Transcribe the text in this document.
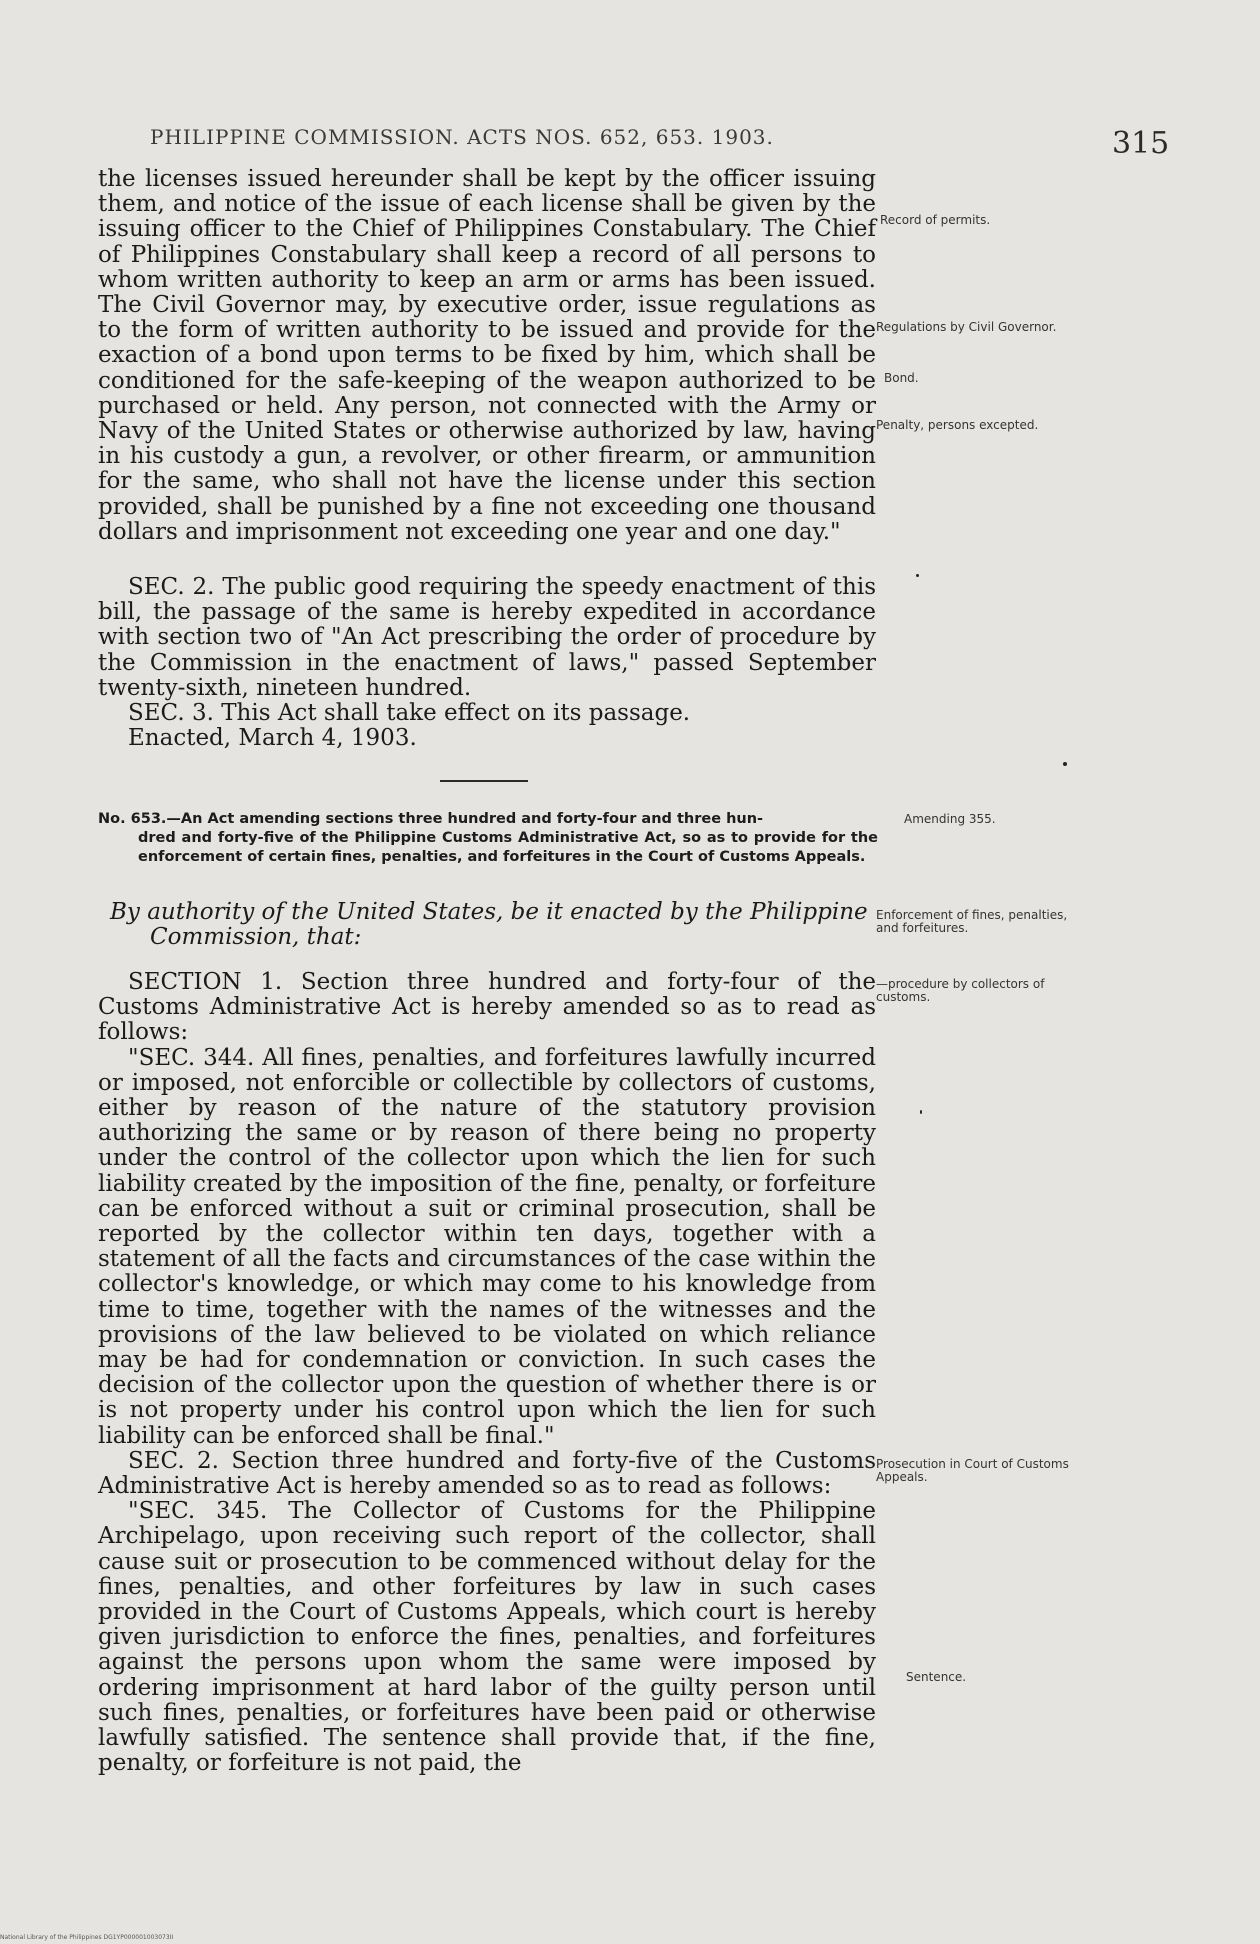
PHILIPPINE COMMISSION. ACTS NOS. 652, 653. 1903.	315

the licenses issued hereunder shall be kept by the officer issuing them, and notice of the issue of each license shall be given by the issuing officer to the Chief of Philippines Constabulary. The Chief of Philippines Constabulary shall keep a record of all persons to whom written authority to keep an arm or arms has been issued. The Civil Governor may, by executive order, issue regulations as to the form of written authority to be issued and provide for the exaction of a bond upon terms to be fixed by him, which shall be conditioned for the safe-keeping of the weapon authorized to be purchased or held. Any person, not connected with the Army or Navy of the United States or otherwise authorized by law, having in his custody a gun, a revolver, or other firearm, or ammunition for the same, who shall not have the license under this section provided, shall be punished by a fine not exceeding one thousand dollars and imprisonment not exceeding one year and one day."

SEC. 2. The public good requiring the speedy enactment of this bill, the passage of the same is hereby expedited in accordance with section two of "An Act prescribing the order of procedure by the Commission in the enactment of laws," passed September twenty-sixth, nineteen hundred.

SEC. 3. This Act shall take effect on its passage.

Enacted, March 4, 1903.

No. 653.—An Act amending sections three hundred and forty-four and three hun-
dred and forty-five of the Philippine Customs Administrative Act, so as to provide for the enforcement of certain fines, penalties, and forfeitures in the Court of Customs Appeals.
By authority of the United States, be it enacted by the Philippine
Commission, that:

SECTION 1. Section three hundred and forty-four of the Customs Administrative Act is hereby amended so as to read as follows:

"SEC. 344. All fines, penalties, and forfeitures lawfully incurred or imposed, not enforcible or collectible by collectors of customs, either by reason of the nature of the statutory provision authorizing the same or by reason of there being no property under the control of the collector upon which the lien for such liability created by the imposition of the fine, penalty, or forfeiture can be enforced without a suit or criminal prosecution, shall be reported by the collector within ten days, together with a statement of all the facts and circumstances of the case within the collector's knowledge, or which may come to his knowledge from time to time, together with the names of the witnesses and the provisions of the law believed to be violated on which reliance may be had for condemnation or conviction. In such cases the decision of the collector upon the question of whether there is or is not property under his control upon which the lien for such liability can be enforced shall be final."

SEC. 2. Section three hundred and forty-five of the Customs Administrative Act is hereby amended so as to read as follows:

"SEC. 345. The Collector of Customs for the Philippine Archipelago, upon receiving such report of the collector, shall cause suit or prosecution to be commenced without delay for the fines, penalties, and other forfeitures by law in such cases provided in the Court of Customs Appeals, which court is hereby given jurisdiction to enforce the fines, penalties, and forfeitures against the persons upon whom the same were imposed by ordering imprisonment at hard labor of the guilty person until such fines, penalties, or forfeitures have been paid or otherwise lawfully satisfied. The sentence shall provide that, if the fine, penalty, or forfeiture is not paid, the

Record of permits.
Regulations by Civil Governor.
Bond.
Penalty, persons excepted.
Amending 355.
Enforcement of fines, penalties, and forfeitures.
—procedure by collectors of customs.
Prosecution in Court of Customs Appeals.
Sentence.
National Library of the Philippines DG1YP000001003073II
